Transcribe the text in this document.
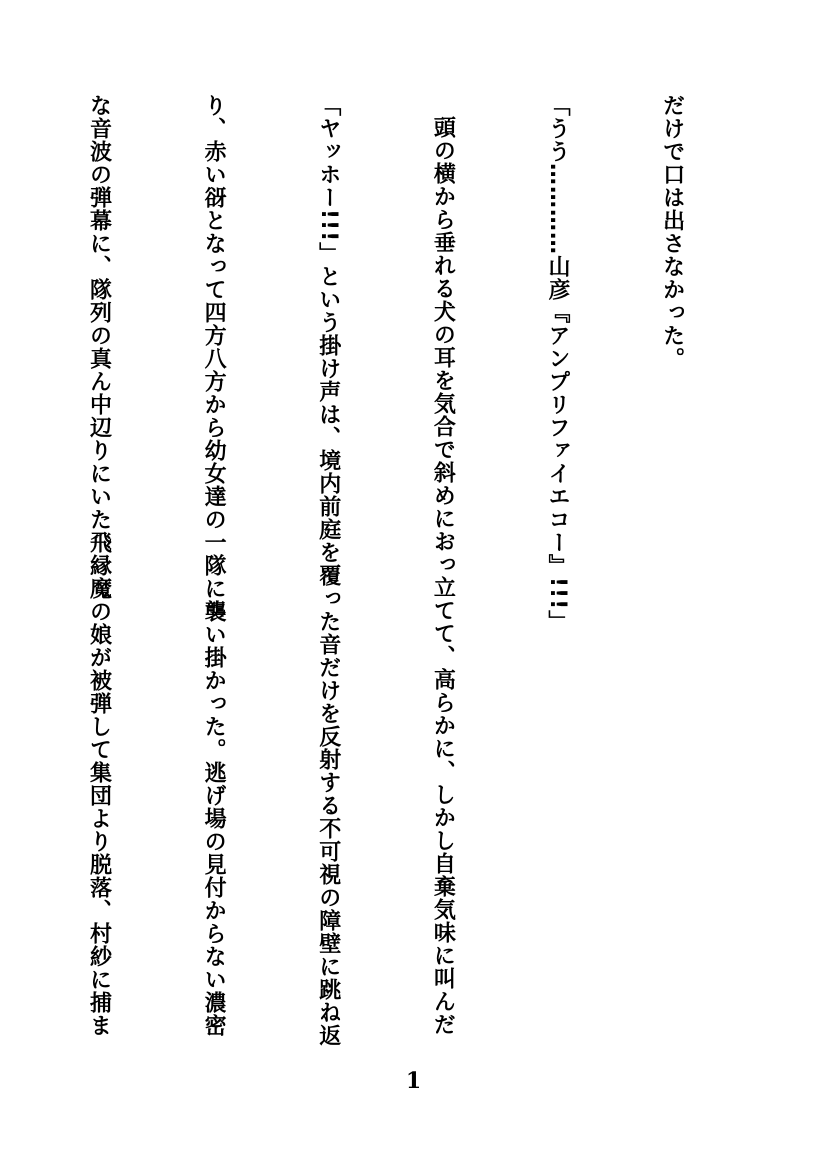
だけで口は出さなかった。

「うう…………山彦『アンプリファイエコー』!!!」

頭の横から垂れる犬の耳を気合で斜めにおっ立てて、高らかに、しかし自棄気味に叫んだ

「ヤッホー!!!」という掛け声は、境内前庭を覆った音だけを反射する不可視の障壁に跳ね返

り、赤い谺となって四方八方から幼女達の一隊に襲い掛かった。逃げ場の見付からない濃密

な音波の弾幕に、隊列の真ん中辺りにいた飛縁魔の娘が被弾して集団より脱落、村紗に捕ま

1
